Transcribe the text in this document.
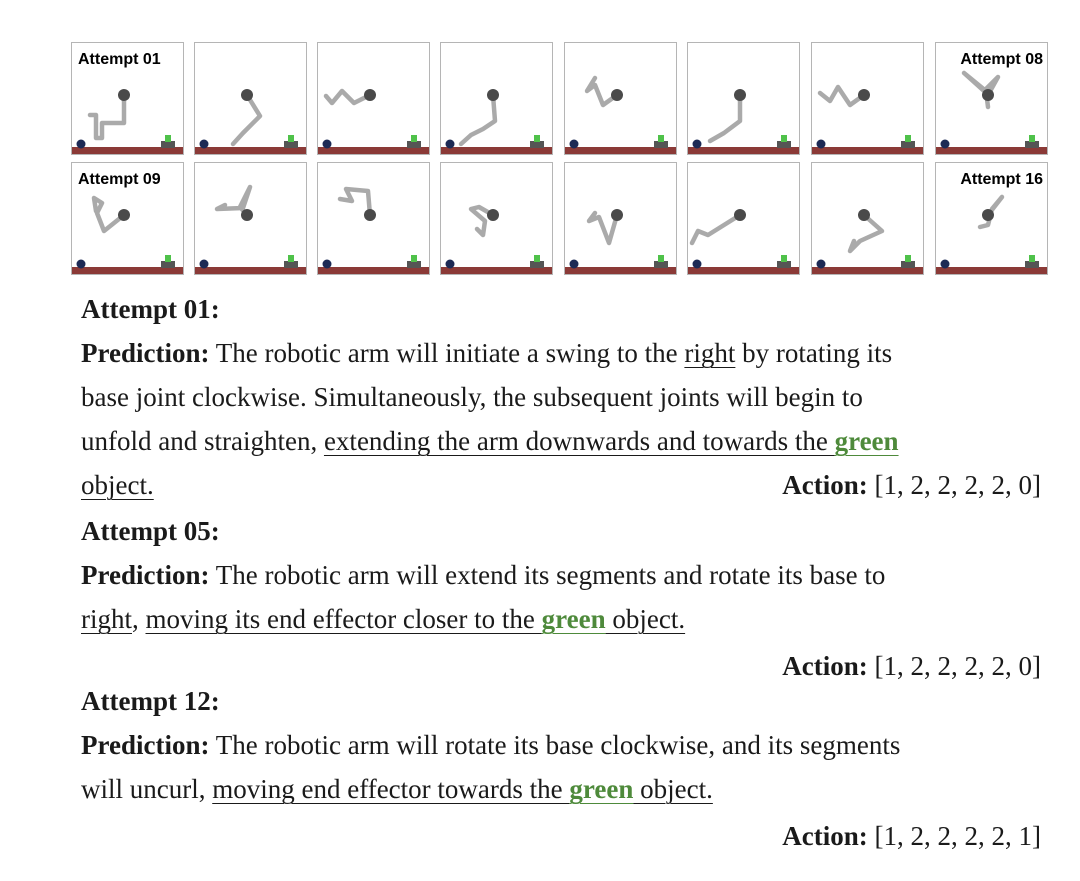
Attempt 01	Attempt 08
Attempt 09	Attempt 16
Attempt 01:
Prediction: The robotic arm will initiate a swing to the right by rotating its
base joint clockwise. Simultaneously, the subsequent joints will begin to
unfold and straighten, extending the arm downwards and towards the green
object.	Action: [1, 2, 2, 2, 2, 0]
Attempt 05:
Prediction: The robotic arm will extend its segments and rotate its base to
right, moving its end effector closer to the green object.
Action: [1, 2, 2, 2, 2, 0]
Attempt 12:
Prediction: The robotic arm will rotate its base clockwise, and its segments
will uncurl, moving end effector towards the green object.
Action: [1, 2, 2, 2, 2, 1]
